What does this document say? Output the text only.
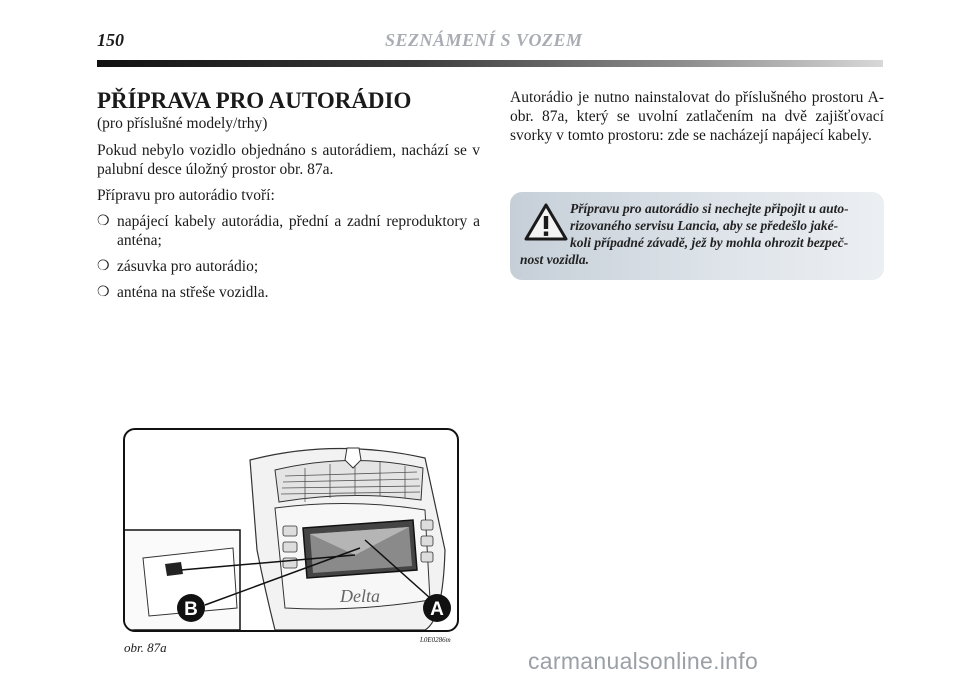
150	SEZNÁMENÍ S VOZEM
PŘÍPRAVA PRO AUTORÁDIO

(pro příslušné modely/trhy)

Pokud nebylo vozidlo objednáno s autorádiem, nachází se v palubní desce úložný prostor obr. 87a.

Přípravu pro autorádio tvoří:

❍ napájecí kabely autorádia, přední a zadní reproduktory a anténa;
❍ zásuvka pro autorádio;
❍ anténa na střeše vozidla.

Autorádio je nutno nainstalovat do příslušného prostoru A-obr. 87a, který se uvolní zatlačením na dvě zajišťovací svorky v tomto prostoru: zde se nacházejí napájecí kabely.

Přípravu pro autorádio si nechejte připojit u auto-
rizovaného servisu Lancia, aby se předešlo jaké-
koli případné závadě, jež by mohla ohrozit bezpeč-
nost vozidla.
Delta
B	A
obr. 87a	L0E0286m
carmanualsonline.info
